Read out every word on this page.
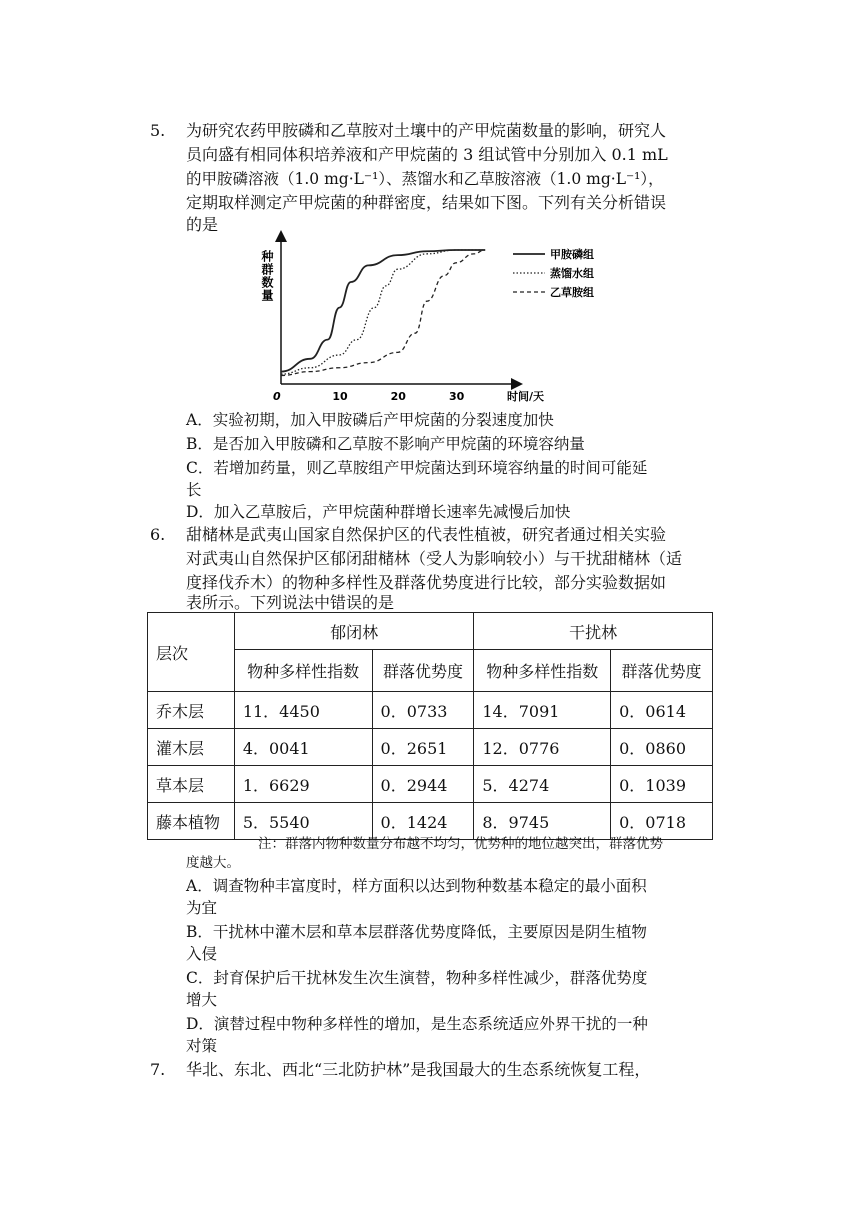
5. 为研究农药甲胺磷和乙草胺对土壤中的产甲烷菌数量的影响，研究人
员向盛有相同体积培养液和产甲烷菌的 3 组试管中分别加入 0.1 mL
的甲胺磷溶液（1.0 mg·L⁻¹）、蒸馏水和乙草胺溶液（1.0 mg·L⁻¹），
定期取样测定产甲烷菌的种群密度，结果如下图。下列有关分析错误
的是
种群数量
0	10	20	30	时间/天
甲胺磷组
蒸馏水组
乙草胺组
A．实验初期，加入甲胺磷后产甲烷菌的分裂速度加快
B．是否加入甲胺磷和乙草胺不影响产甲烷菌的环境容纳量
C．若增加药量，则乙草胺组产甲烷菌达到环境容纳量的时间可能延
长
D．加入乙草胺后，产甲烷菌种群增长速率先减慢后加快
6. 甜槠林是武夷山国家自然保护区的代表性植被，研究者通过相关实验
对武夷山自然保护区郁闭甜槠林（受人为影响较小）与干扰甜槠林（适
度择伐乔木）的物种多样性及群落优势度进行比较，部分实验数据如
表所示。下列说法中错误的是
层次	郁闭林		干扰林	
	物种多样性指数	群落优势度	物种多样性指数	群落优势度
乔木层	11．4450	0．0733	14．7091	0．0614
灌木层	4．0041	0．2651	12．0776	0．0860
草本层	1．6629	0．2944	5．4274	0．1039
藤本植物	5．5540	0．1424	8．9745	0．0718
注：群落内物种数量分布越不均匀，优势种的地位越突出，群落优势
度越大。
A．调查物种丰富度时，样方面积以达到物种数基本稳定的最小面积
为宜
B．干扰林中灌木层和草本层群落优势度降低，主要原因是阴生植物
入侵
C．封育保护后干扰林发生次生演替，物种多样性减少，群落优势度
增大
D．演替过程中物种多样性的增加，是生态系统适应外界干扰的一种
对策
7. 华北、东北、西北“三北防护林”是我国最大的生态系统恢复工程，
